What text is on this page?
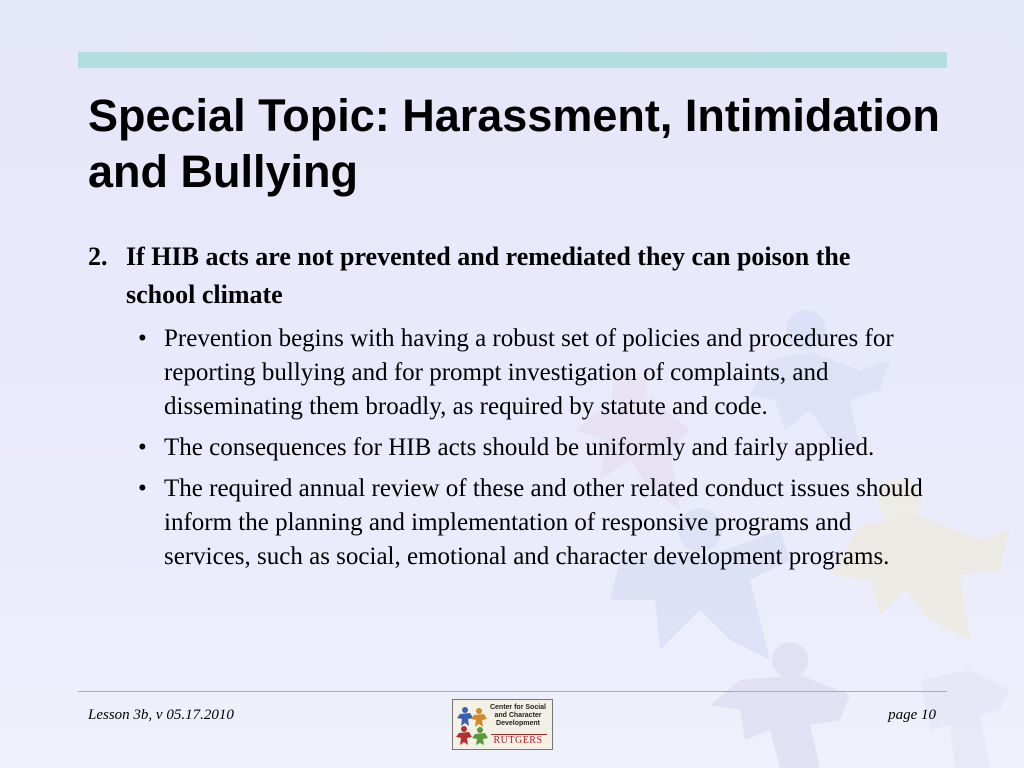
Special Topic: Harassment, Intimidation and Bullying
2. If HIB acts are not prevented and remediated they can poison the school climate
• Prevention begins with having a robust set of policies and procedures for reporting bullying and for prompt investigation of complaints, and disseminating them broadly, as required by statute and code.
• The consequences for HIB acts should be uniformly and fairly applied.
• The required annual review of these and other related conduct issues should inform the planning and implementation of responsive programs and services, such as social, emotional and character development programs.
Lesson 3b, v 05.17.2010	Center for Social
and Character
Development
RUTGERS
page 10
